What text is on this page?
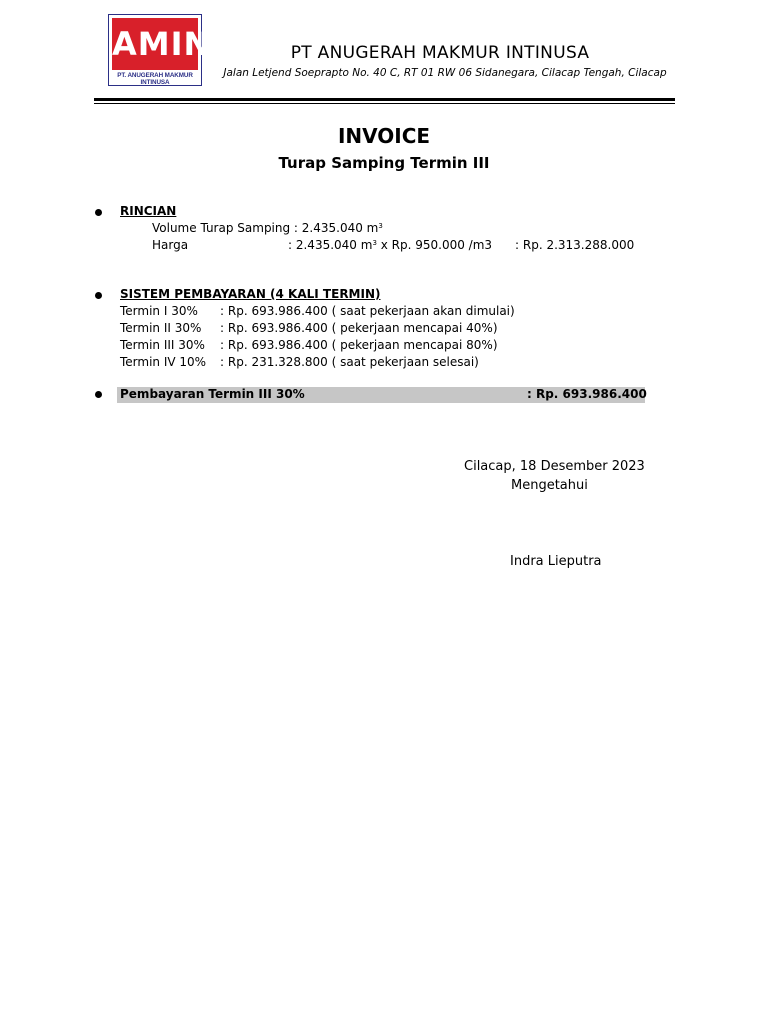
AMIN
PT. ANUGERAH MAKMUR INTINUSA
PT ANUGERAH MAKMUR INTINUSA
Jalan Letjend Soeprapto No. 40 C, RT 01 RW 06 Sidanegara, Cilacap Tengah, Cilacap
INVOICE
Turap Samping Termin III
RINCIAN
Volume Turap Samping : 2.435.040 $m^3$
Harga	: 2.435.040 $m^3$ x Rp. 950.000 /m3 : Rp. 2.313.288.000
SISTEM PEMBAYARAN (4 KALI TERMIN)
Termin I 30% : Rp. 693.986.400 ( saat pekerjaan akan dimulai)
Termin II 30% : Rp. 693.986.400 ( pekerjaan mencapai 40%)
Termin III 30% : Rp. 693.986.400 ( pekerjaan mencapai 80%)
Termin IV 10% : Rp. 231.328.800 ( saat pekerjaan selesai)
Pembayaran Termin III 30%	: Rp. 693.986.400
Cilacap, 18 Desember 2023
Mengetahui
Indra Lieputra
